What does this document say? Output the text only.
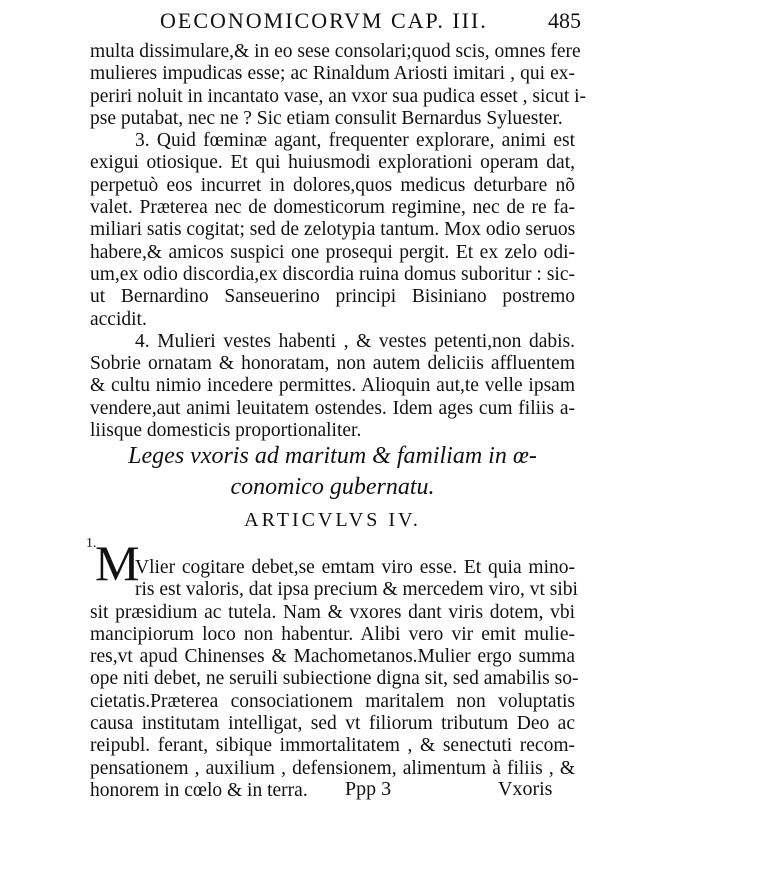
OECONOMICORVM CAP. III.	485
multa dissimulare,& in eo sese consolari;quod scis, omnes fere
mulieres impudicas esse; ac Rinaldum Ariosti imitari , qui ex-
periri noluit in incantato vase, an vxor sua pudica esset , sicut i-
pse putabat, nec ne ? Sic etiam consulit Bernardus Syluester.
3. Quid fœminæ agant, frequenter explorare, animi est
exigui otiosique. Et qui huiusmodi explorationi operam dat,
perpetuò eos incurret in dolores,quos medicus deturbare nõ
valet. Præterea nec de domesticorum regimine, nec de re fa-
miliari satis cogitat; sed de zelotypia tantum. Mox odio seruos
habere,& amicos suspici one prosequi pergit. Et ex zelo odi-
um,ex odio discordia,ex discordia ruina domus suboritur : sic-
ut Bernardino Sanseuerino principi Bisiniano postremo
accidit.
4. Mulieri vestes habenti , & vestes petenti,non dabis.
Sobrie ornatam & honoratam, non autem deliciis affluentem
& cultu nimio incedere permittes. Alioquin aut,te velle ipsam
vendere,aut animi leuitatem ostendes. Idem ages cum filiis a-
liisque domesticis proportionaliter.
Leges vxoris ad maritum & familiam in œ-
conomico gubernatu.
ARTICVLVS IV.
1.
M
Vlier cogitare debet,se emtam viro esse. Et quia mino-
ris est valoris, dat ipsa precium & mercedem viro, vt sibi
sit præsidium ac tutela. Nam & vxores dant viris dotem, vbi
mancipiorum loco non habentur. Alibi vero vir emit mulie-
res,vt apud Chinenses & Machometanos.Mulier ergo summa
ope niti debet, ne seruili subiectione digna sit, sed amabilis so-
cietatis.Præterea consociationem maritalem non voluptatis
causa institutam intelligat, sed vt filiorum tributum Deo ac
reipubl. ferant, sibique immortalitatem , & senectuti recom-
pensationem , auxilium , defensionem, alimentum à filiis , &
honorem in cœlo & in terra.	Ppp 3	Vxoris
